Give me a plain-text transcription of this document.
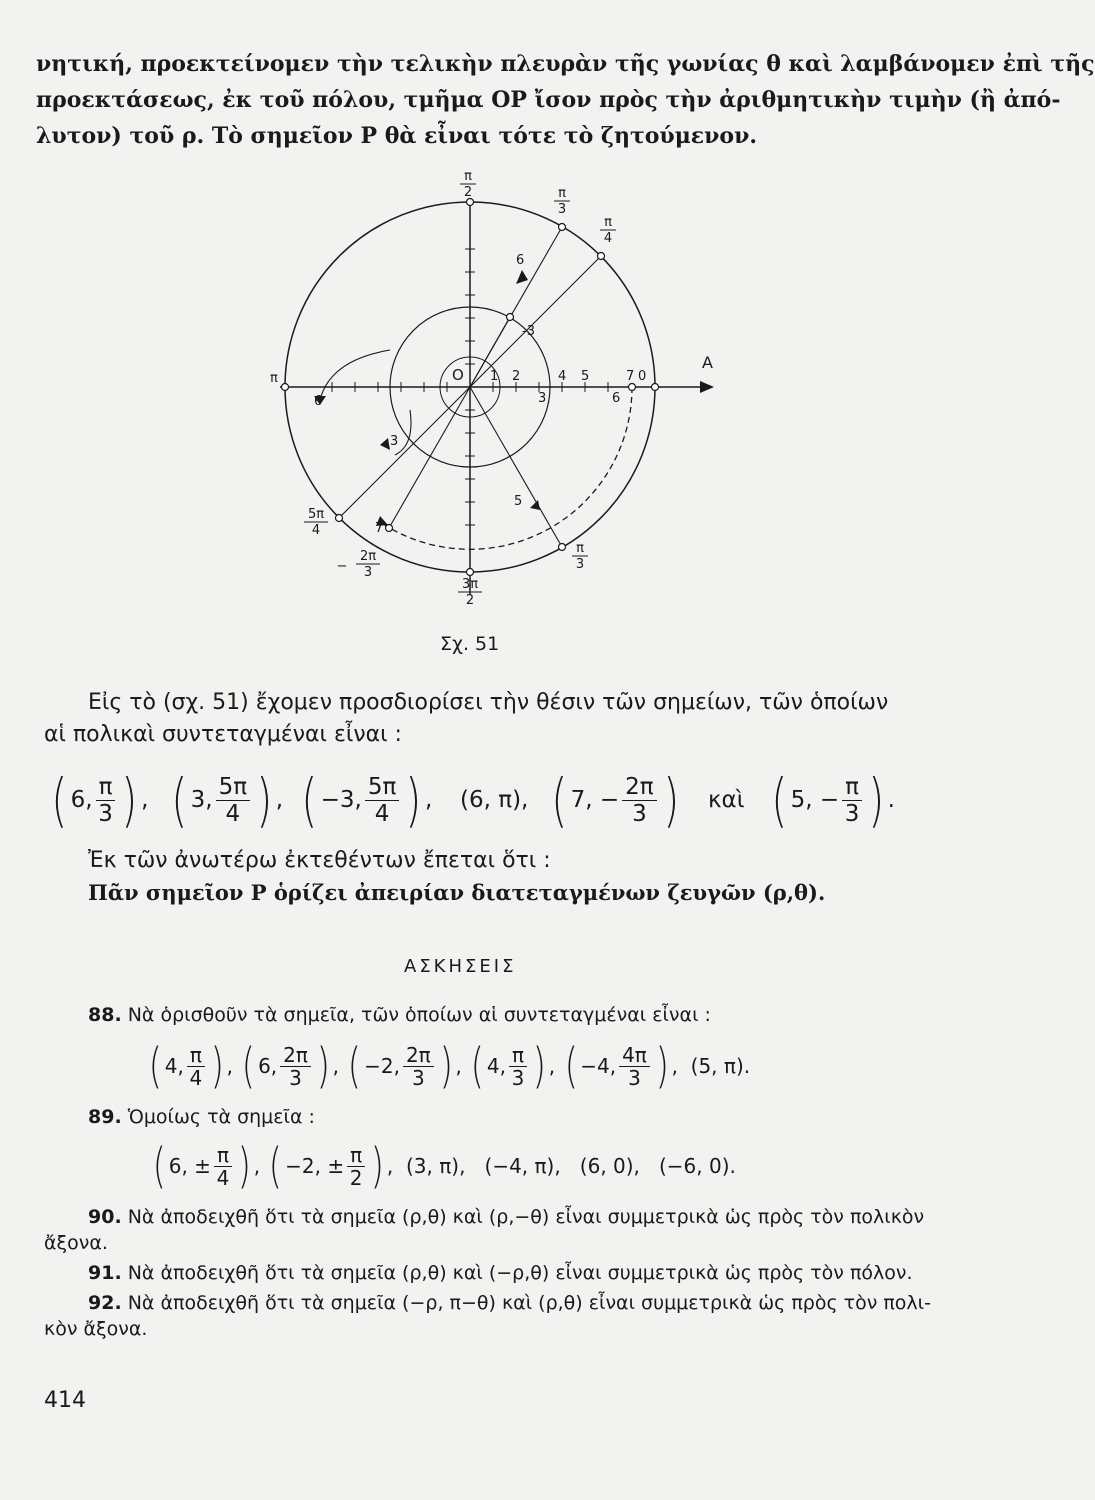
νητική, προεκτείνομεν τὴν τελικὴν πλευρὰν τῆς γωνίας θ καὶ λαμβάνομεν ἐπὶ τῆς
προεκτάσεως, ἐκ τοῦ πόλου, τμῆμα OP ἴσον πρὸς τὴν ἀριθμητικὴν τιμὴν (ἢ ἀπό-
λυτον) τοῦ ρ. Τὸ σημεῖον P θὰ εἶναι τότε τὸ ζητούμενον.
π
2	π
3
π
4
π
5π
4
−
2π
3
3π
2
π
3
A
O 1 2	4 5	7 0
-3
6
6	3	6
3
5
7
Σχ. 51
Εἰς τὸ (σχ. 51) ἔχομεν προσδιορίσει τὴν θέσιν τῶν σημείων, τῶν ὁποίων
αἱ πολικαὶ συντεταγμέναι εἶναι :
( 6, $\frac{\pi}{3}$ ) , ( 3, $\frac{5\pi}{4}$ ) , ( −3, $\frac{5\pi}{4}$ ) , (6, π), ( 7, − $\frac{2\pi}{3}$ ) καὶ ( 5, − $\frac{\pi}{3}$ ) .
Ἐκ τῶν ἀνωτέρω ἐκτεθέντων ἔπεται ὅτι :
Πᾶν σημεῖον P ὁρίζει ἀπειρίαν διατεταγμένων ζευγῶν (ρ,θ).
ΑΣΚΗΣΕΙΣ
88. Νὰ ὁρισθοῦν τὰ σημεῖα, τῶν ὁποίων αἱ συντεταγμέναι εἶναι :
( 4, $\frac{\pi}{4}$ ) , ( 6, $\frac{2\pi}{3}$ ) , ( −2, $\frac{2\pi}{3}$ ) , ( 4, $\frac{\pi}{3}$ ) , ( −4, $\frac{4\pi}{3}$ ) , (5, π).
89. Ὁμοίως τὰ σημεῖα :
( 6, ± $\frac{\pi}{4}$ ) , ( −2, ± $\frac{\pi}{2}$ ) , (3, π),   (−4, π),   (6, 0),   (−6, 0).
90. Νὰ ἀποδειχθῆ ὅτι τὰ σημεῖα (ρ,θ) καὶ (ρ,−θ) εἶναι συμμετρικὰ ὡς πρὸς τὸν πολικὸν
ἄξονα.
91. Νὰ ἀποδειχθῆ ὅτι τὰ σημεῖα (ρ,θ) καὶ (−ρ,θ) εἶναι συμμετρικὰ ὡς πρὸς τὸν πόλον.
92. Νὰ ἀποδειχθῆ ὅτι τὰ σημεῖα (−ρ, π−θ) καὶ (ρ,θ) εἶναι συμμετρικὰ ὡς πρὸς τὸν πολι-
κὸν ἄξονα.
414
